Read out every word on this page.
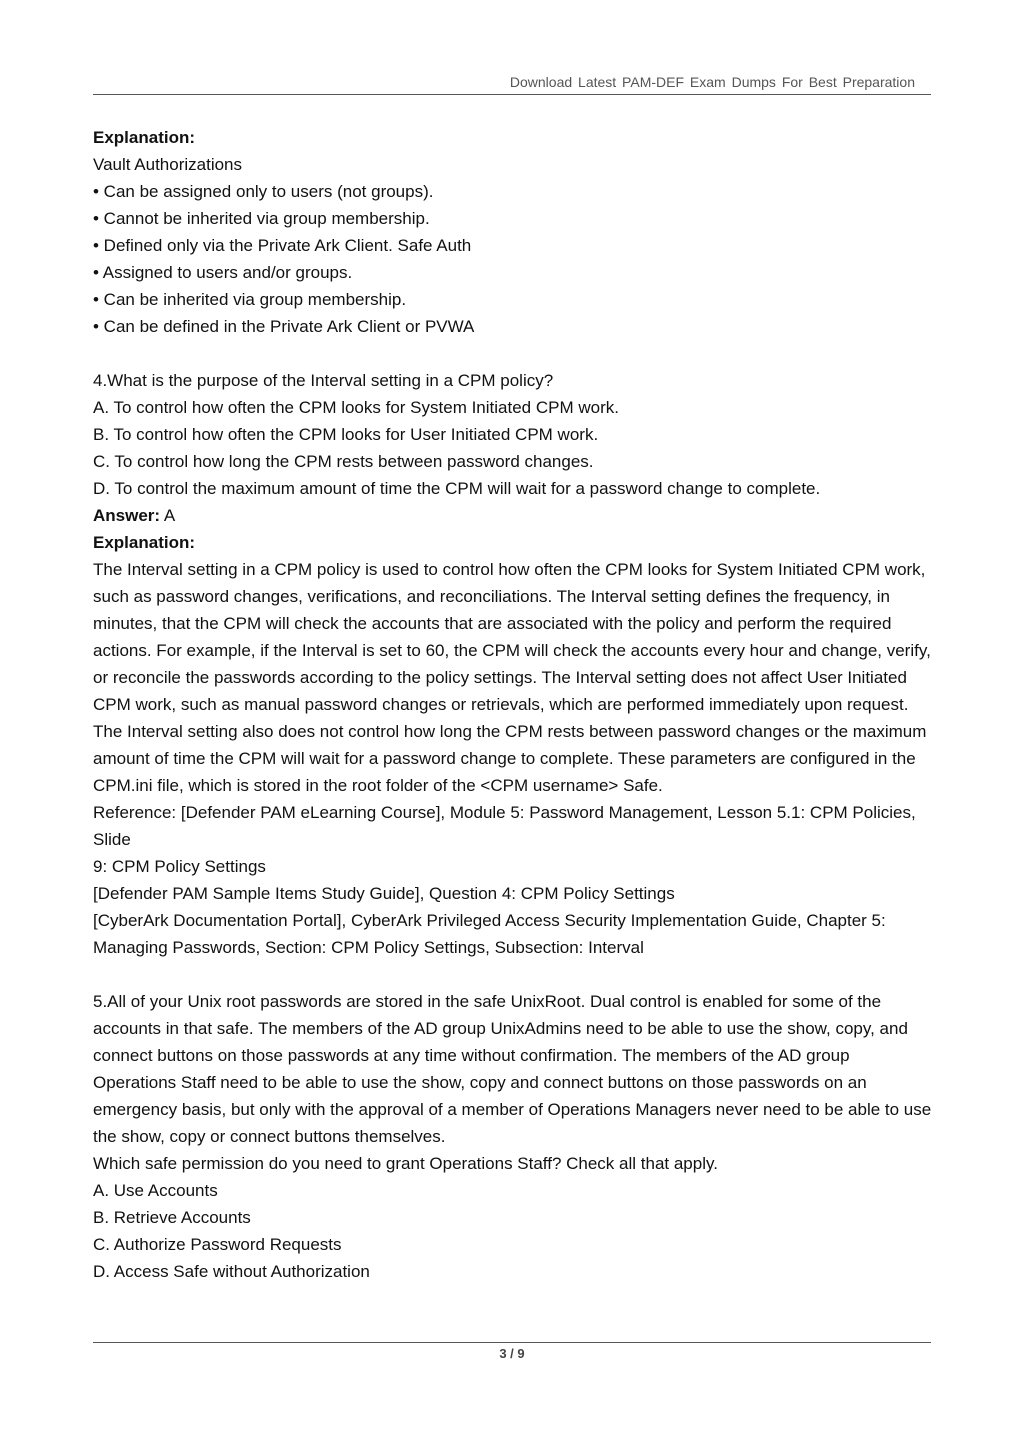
Download Latest PAM-DEF Exam Dumps For Best Preparation

Explanation:

Vault Authorizations

• Can be assigned only to users (not groups).

• Cannot be inherited via group membership.

• Defined only via the Private Ark Client. Safe Auth

• Assigned to users and/or groups.

• Can be inherited via group membership.

• Can be defined in the Private Ark Client or PVWA

4.What is the purpose of the Interval setting in a CPM policy?

A. To control how often the CPM looks for System Initiated CPM work.

B. To control how often the CPM looks for User Initiated CPM work.

C. To control how long the CPM rests between password changes.

D. To control the maximum amount of time the CPM will wait for a password change to complete.

Answer: A

Explanation:

The Interval setting in a CPM policy is used to control how often the CPM looks for System Initiated CPM work, such as password changes, verifications, and reconciliations. The Interval setting defines the frequency, in minutes, that the CPM will check the accounts that are associated with the policy and perform the required actions. For example, if the Interval is set to 60, the CPM will check the accounts every hour and change, verify, or reconcile the passwords according to the policy settings. The Interval setting does not affect User Initiated CPM work, such as manual password changes or retrievals, which are performed immediately upon request. The Interval setting also does not control how long the CPM rests between password changes or the maximum amount of time the CPM will wait for a password change to complete. These parameters are configured in the CPM.ini file, which is stored in the root folder of the <CPM username> Safe.

Reference: [Defender PAM eLearning Course], Module 5: Password Management, Lesson 5.1: CPM Policies, Slide

9: CPM Policy Settings

[Defender PAM Sample Items Study Guide], Question 4: CPM Policy Settings

[CyberArk Documentation Portal], CyberArk Privileged Access Security Implementation Guide, Chapter 5: Managing Passwords, Section: CPM Policy Settings, Subsection: Interval

5.All of your Unix root passwords are stored in the safe UnixRoot. Dual control is enabled for some of the accounts in that safe. The members of the AD group UnixAdmins need to be able to use the show, copy, and connect buttons on those passwords at any time without confirmation. The members of the AD group Operations Staff need to be able to use the show, copy and connect buttons on those passwords on an emergency basis, but only with the approval of a member of Operations Managers never need to be able to use the show, copy or connect buttons themselves.

Which safe permission do you need to grant Operations Staff? Check all that apply.

A. Use Accounts

B. Retrieve Accounts

C. Authorize Password Requests

D. Access Safe without Authorization

3 / 9
